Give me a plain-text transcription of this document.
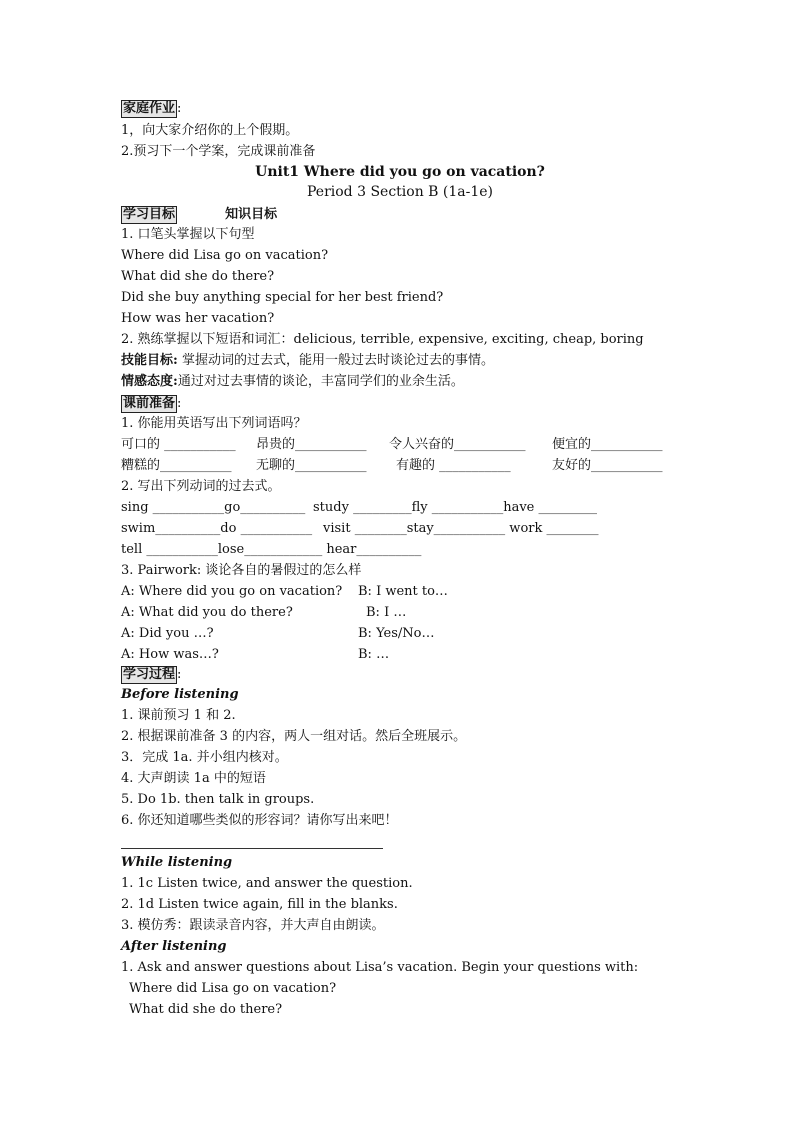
家庭作业 :
1，向大家介绍你的上个假期。
2.预习下一个学案，完成课前准备
Unit1 Where did you go on vacation?
Period 3 Section B (1a-1e)
学习目标	知识目标
1. 口笔头掌握以下句型
Where did Lisa go on vacation?
What did she do there?
Did she buy anything special for her best friend?
How was her vacation?
2. 熟练掌握以下短语和词汇：delicious, terrible, expensive, exciting, cheap, boring
技能目标: 掌握动词的过去式，能用一般过去时谈论过去的事情。
情感态度:通过对过去事情的谈论，丰富同学们的业余生活。
课前准备 :
1. 你能用英语写出下列词语吗？
可口的 ___________ 昂贵的___________ 令人兴奋的___________ 便宜的___________
糟糕的___________ 无聊的___________ 有趣的 ___________	友好的___________
2. 写出下列动词的过去式。
sing ___________go__________ study _________fly ___________have _________
swim__________do ___________ visit ________stay___________ work ________
tell ___________lose____________ hear__________
3. Pairwork: 谈论各自的暑假过的怎么样
A: Where did you go on vacation? B: I went to…
A: What did you do there?	B: I …
A: Did you …?	B: Yes/No…
A: How was…?	B: …
学习过程 :
Before listening
1. 课前预习 1 和 2.
2. 根据课前准备 3 的内容，两人一组对话。然后全班展示。
3．完成 1a. 并小组内核对。
4. 大声朗读 1a 中的短语
5. Do 1b. then talk in groups.
6. 你还知道哪些类似的形容词？请你写出来吧！
While listening
1. 1c Listen twice, and answer the question.
2. 1d Listen twice again, fill in the blanks.
3. 模仿秀：跟读录音内容，并大声自由朗读。
After listening
1. Ask and answer questions about Lisa’s vacation. Begin your questions with:
Where did Lisa go on vacation?
What did she do there?
